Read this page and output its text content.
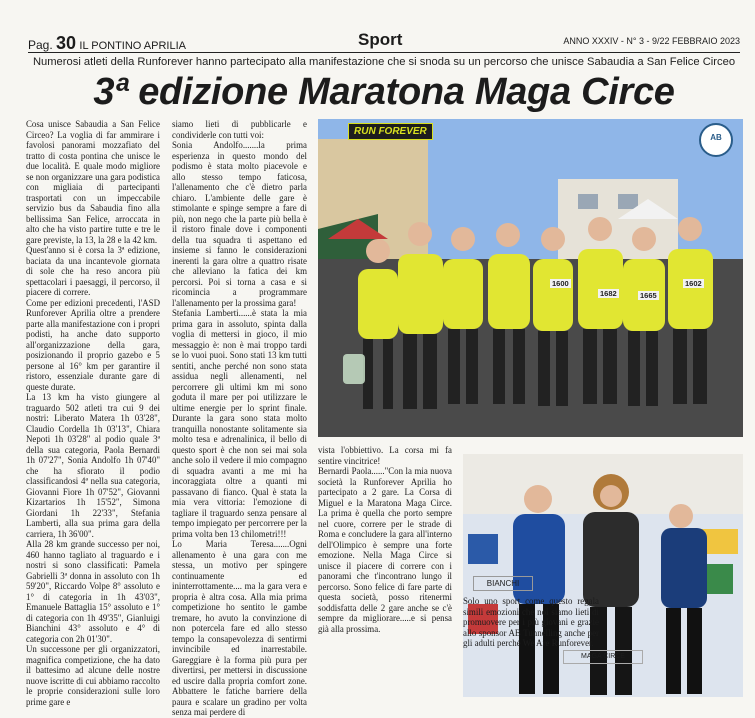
Pag. 30 IL PONTINO APRILIA	Sport	ANNO XXXIV - N° 3 - 9/22 FEBBRAIO 2023
Numerosi atleti della Runforever hanno partecipato alla manifestazione che si snoda su un percorso che unisce Sabaudia a San Felice Circeo
3ª edizione Maratona Maga Circe
Cosa unisce Sabaudia a San Felice Circeo? La voglia di far ammirare i favolosi panorami mozzafiato del tratto di costa pontina che unisce le due località. E quale modo migliore se non organizzare una gara podistica con migliaia di partecipanti trasportati con un impeccabile servizio bus da Sabaudia fino alla bellissima San Felice, arroccata in alto che ha visto partire tutte e tre le gare previste, la 13, la 28 e la 42 km.
Quest'anno si è corsa la 3ª edizione, baciata da una incantevole giornata di sole che ha reso ancora più spettacolari i paesaggi, il percorso, il piacere di correre.
Come per edizioni precedenti, l'ASD Runforever Aprilia oltre a prendere parte alla manifestazione con i propri podisti, ha anche dato supporto all'organizzazione della gara, posizionando il proprio gazebo e 5 persone al 16° km per garantire il ristoro, essenziale durante gare di queste durate.
La 13 km ha visto giungere al traguardo 502 atleti tra cui 9 dei nostri: Liberato Matera 1h 03'28", Claudio Cordella 1h 03'13", Chiara Nepoti 1h 03'28" al podio quale 3ª della sua categoria, Paola Bernardi 1h 07'27", Sonia Andolfo 1h 07'40" che ha sfiorato il podio classificandosi 4ª nella sua categoria, Giovanni Fiore 1h 07'52", Giovanni Kizartarios 1h 15'52", Simona Giordani 1h 22'33", Stefania Lamberti, alla sua prima gara della carriera, 1h 36'00".
Alla 28 km grande successo per noi, 460 hanno tagliato al traguardo e i nostri si sono classificati: Pamela Gabrielli 3ª donna in assoluto con 1h 59'20", Riccardo Volpe 8° assoluto e 1° di categoria in 1h 43'03", Emanuele Battaglia 15° assoluto e 1° di categoria con 1h 49'35", Gianluigi Bianchini 43° assoluto e 4° di categoria con 2h 01'30".
Un successone per gli organizzatori, magnifica competizione, che ha dato il battesimo ad alcune delle nostre nuove iscritte di cui abbiamo raccolto le proprie considerazioni sulle loro prime gare e
siamo lieti di pubblicarle e condividerle con tutti voi:
Sonia Andolfo.......la prima esperienza in questo mondo del podismo è stata molto piacevole e allo stesso tempo faticosa, l'allenamento che c'è dietro parla chiaro. L'ambiente delle gare è stimolante e spinge sempre a fare di più, non nego che la parte più bella è il ristoro finale dove i componenti della tua squadra ti aspettano ed insieme si fanno le considerazioni inerenti la gara oltre a quattro risate che alleviano la fatica dei km percorsi. Poi si torna a casa e si ricomincia a programmare l'allenamento per la prossima gara!
Stefania Lamberti......è stata la mia prima gara in assoluto, spinta dalla voglia di mettersi in gioco, il mio messaggio è: non è mai troppo tardi se lo vuoi puoi. Sono stati 13 km tutti sentiti, anche perché non sono stata assidua negli allenamenti, nel percorrere gli ultimi km mi sono goduta il mare per poi utilizzare le ultime energie per lo sprint finale. Durante la gara sono stata molto tranquilla nonostante solitamente sia molto tesa e adrenalinica, il bello di questo sport è che non sei mai sola anche solo il vedere il mio compagno di squadra avanti a me mi ha incoraggiata oltre a quanti mi passavano di fianco. Qual è stata la mia vera vittoria: l'emozione di tagliare il traguardo senza pensare al tempo impiegato per percorrere per la prima volta ben 13 chilometri!!!
Lo Maria Teresa.......Ogni allenamento è una gara con me stessa, un motivo per spingere continuamente ed ininterrottamente.... ma la gara vera e propria è altra cosa. Alla mia prima competizione ho sentito le gambe tremare, ho avuto la convinzione di non potercela fare ed allo stesso tempo la consapevolezza di sentirmi invincibile ed inarrestabile. Gareggiare è la forma più pura per divertirsi, per mettersi in discussione ed uscire dalla propria comfort zone. Abbattere le fatiche barriere della paura e scalare un gradino per volta senza mai perdere di
RUN FOREVER
AB
1600
1682	1665
1602
vista l'obbiettivo. La corsa mi fa sentire vincitrice!
Bernardi Paola......"Con la mia nuova società la Runforever Aprilia ho partecipato a 2 gare. La Corsa di Miguel e la Maratona Maga Circe. La prima è quella che porto sempre nel cuore, correre per le strade di Roma e concludere la gara all'interno dell'Olimpico è sempre una forte emozione. Nella Maga Circe si unisce il piacere di correre con i panorami che t'incontrano lungo il percorso. Sono felice di fare parte di questa società, posso ritenermi soddisfatta delle 2 gare anche se c'è sempre da migliorare.....e si pensa già alla prossima.
BIANCHI
MAGA CIRCE
Solo uno sport come questo regala simili emozioni che noi siamo lieti di promuovere per i più giovani e grazie allo sponsor AB Tunnelling anche per gli adulti perché We Are Runforever.
